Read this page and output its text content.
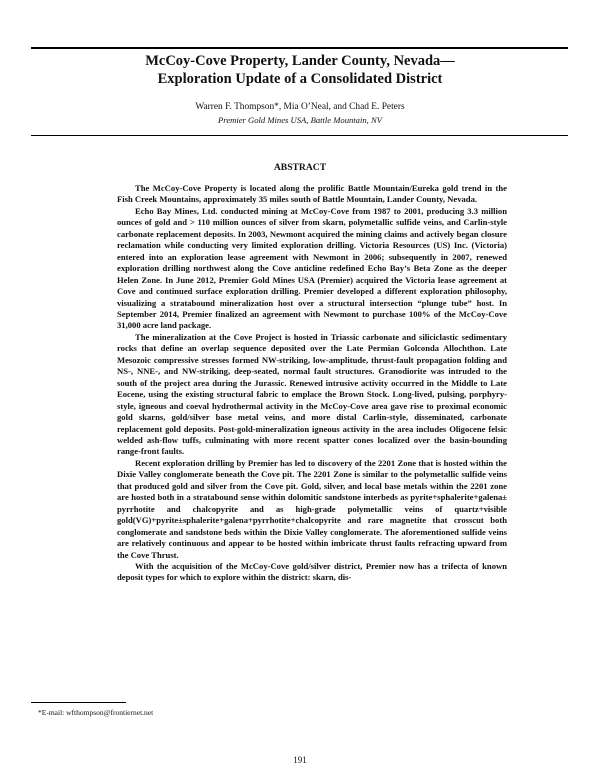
McCoy-Cove Property, Lander County, Nevada—
Exploration Update of a Consolidated District
Warren F. Thompson*, Mia O’Neal, and Chad E. Peters
Premier Gold Mines USA, Battle Mountain, NV
ABSTRACT

The McCoy-Cove Property is located along the prolific Battle Mountain/Eureka gold trend in the Fish Creek Mountains, approximately 35 miles south of Battle Mountain, Lander County, Nevada.

Echo Bay Mines, Ltd. conducted mining at McCoy-Cove from 1987 to 2001, producing 3.3 million ounces of gold and > 110 million ounces of silver from skarn, polymetallic sulfide veins, and Carlin-style carbonate replacement deposits. In 2003, Newmont acquired the mining claims and actively began closure reclamation while conducting very limited exploration drilling. Victoria Resources (US) Inc. (Victoria) entered into an exploration lease agreement with Newmont in 2006; subsequently in 2007, renewed exploration drilling northwest along the Cove anticline redefined Echo Bay’s Beta Zone as the deeper Helen Zone. In June 2012, Premier Gold Mines USA (Premier) acquired the Victoria lease agreement at Cove and continued surface exploration drilling. Premier developed a different exploration philosophy, visualizing a stratabound mineralization host over a structural intersection “plunge tube” host. In September 2014, Premier finalized an agreement with Newmont to purchase 100% of the McCoy-Cove 31,000 acre land package.

The mineralization at the Cove Project is hosted in Triassic carbonate and siliciclastic sedimentary rocks that define an overlap sequence deposited over the Late Permian Golconda Allochthon. Late Mesozoic compressive stresses formed NW-striking, low-amplitude, thrust-fault propagation folding and NS-, NNE-, and NW-striking, deep-seated, normal fault structures. Granodiorite was intruded to the south of the project area during the Jurassic. Renewed intrusive activity occurred in the Middle to Late Eocene, using the existing structural fabric to emplace the Brown Stock. Long-lived, pulsing, porphyry-style, igneous and coeval hydrothermal activity in the McCoy-Cove area gave rise to proximal economic gold skarns, gold/silver base metal veins, and more distal Carlin-style, disseminated, carbonate replacement gold deposits. Post-gold-mineralization igneous activity in the area includes Oligocene felsic welded ash-flow tuffs, culminating with more recent spatter cones localized over the basin-bounding range-front faults.

Recent exploration drilling by Premier has led to discovery of the 2201 Zone that is hosted within the Dixie Valley conglomerate beneath the Cove pit. The 2201 Zone is similar to the polymetallic sulfide veins that produced gold and silver from the Cove pit. Gold, silver, and local base metals within the 2201 zone are hosted both in a stratabound sense within dolomitic sandstone interbeds as pyrite+sphalerite+galena± pyrrhotite and chalcopyrite and as high-grade polymetallic veins of quartz+visible gold(VG)+pyrite±sphalerite+galena+pyrrhotite+chalcopyrite and rare magnetite that crosscut both conglomerate and sandstone beds within the Dixie Valley conglomerate. The aforementioned sulfide veins are relatively continuous and appear to be hosted within imbricate thrust faults refracting upward from the Cove Thrust.

With the acquisition of the McCoy-Cove gold/silver district, Premier now has a trifecta of known deposit types for which to explore within the district: skarn, dis-

*E-mail: wfthompson@frontiernet.net
191
